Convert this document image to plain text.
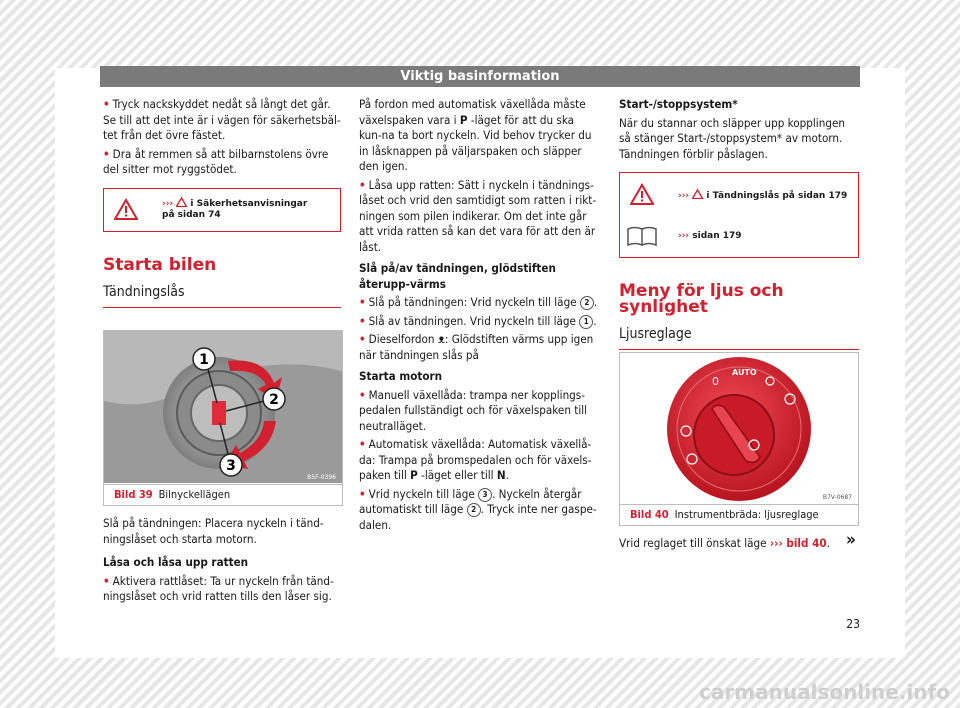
Viktig basinformation

• Tryck nackskyddet nedåt så långt det går. Se till att det inte är i vägen för säkerhetsbäl-tet från det övre fästet.

• Dra åt remmen så att bilbarnstolens övre del sitter mot ryggstödet.

››› i Säkerhetsanvisningar på sidan 74
Starta bilen
Tändningslås
1
2
3
B5F-0396
Bild 39 Bilnyckellägen

Slå på tändningen: Placera nyckeln i tänd-ningslåset och starta motorn.

Låsa och låsa upp ratten

• Aktivera rattlåset: Ta ur nyckeln från tänd-ningslåset och vrid ratten tills den låser sig.

På fordon med automatisk växellåda måste växelspaken vara i P -läget för att du ska kun-na ta bort nyckeln. Vid behov trycker du in låsknappen på väljarspaken och släpper den igen.

• Låsa upp ratten: Sätt i nyckeln i tändnings-låset och vrid den samtidigt som ratten i rikt-ningen som pilen indikerar. Om det inte går att vrida ratten så kan det vara för att den är låst.

Slå på/av tändningen, glödstiften återupp-värms

• Slå på tändningen: Vrid nyckeln till läge 2 .

• Slå av tändningen. Vrid nyckeln till läge 1 .

• Dieselfordon ᴥ: Glödstiften värms upp igen när tändningen slås på

Starta motorn

• Manuell växellåda: trampa ner kopplings-pedalen fullständigt och för växelspaken till neutralläget.

• Automatisk växellåda: Automatisk växellå-da: Trampa på bromspedalen och för växels-paken till P -läget eller till N.

• Vrid nyckeln till läge 3 . Nyckeln återgår automatiskt till läge 2 . Tryck inte ner gaspe-dalen.

Start-/stoppsystem*

När du stannar och släpper upp kopplingen så stänger Start-/stoppsystem* av motorn. Tändningen förblir påslagen.

››› i Tändningslås på sidan 179
››› sidan 179
Meny för ljus och synlighet
Ljusreglage
0
AUTO
B7V-0687
Bild 40 Instrumentbräda: ljusreglage

Vrid reglaget till önskat läge ››› bild 40. »
23
carmanualsonline.info
